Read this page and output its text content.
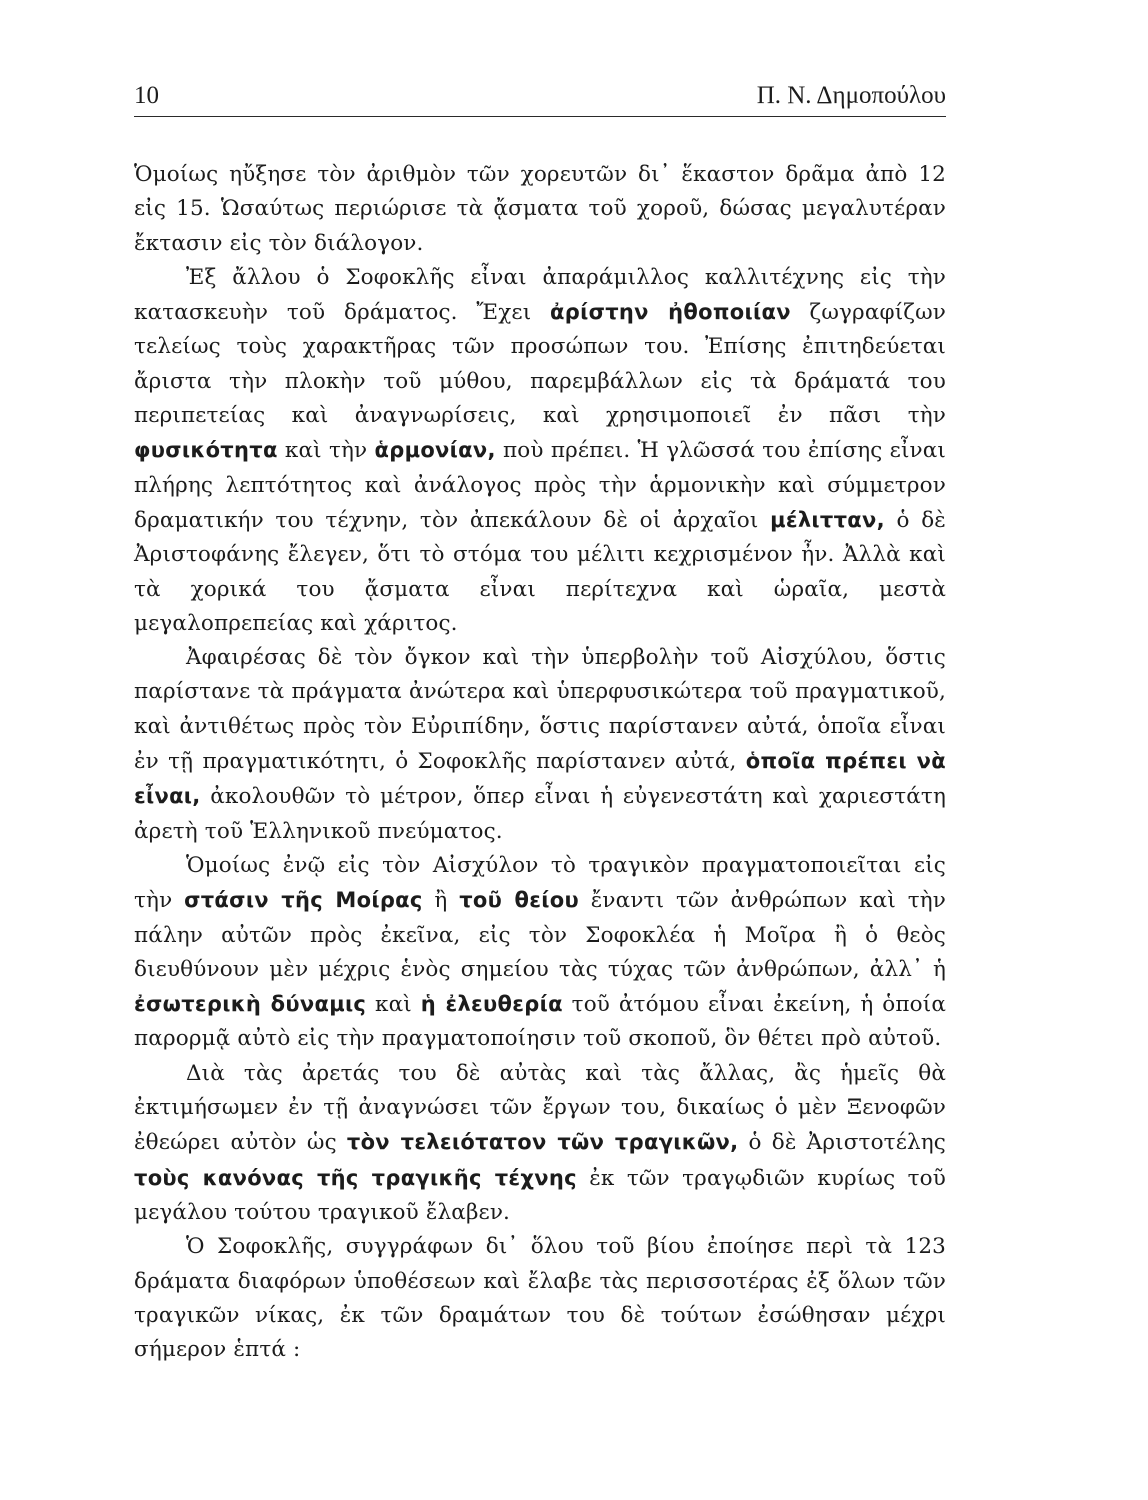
10	Π. Ν. Δημοπούλου

Ὁμοίως ηὔξησε τὸν ἀριθμὸν τῶν χορευτῶν δι᾽ ἕκαστον δρᾶμα ἀπὸ 12 εἰς 15. Ὡσαύτως περιώρισε τὰ ᾄσματα τοῦ χοροῦ, δώσας μεγαλυτέραν ἔκτασιν εἰς τὸν διάλογον.

Ἐξ ἄλλου ὁ Σοφοκλῆς εἶναι ἀπαράμιλλος καλλιτέχνης εἰς τὴν κατασκευὴν τοῦ δράματος. Ἔχει ἀρίστην ἠθοποιίαν ζωγραφίζων τελείως τοὺς χαρακτῆρας τῶν προσώπων του. Ἐπίσης ἐπιτηδεύεται ἄριστα τὴν πλοκὴν τοῦ μύθου, παρεμβάλλων εἰς τὰ δράματά του περιπετείας καὶ ἀναγνωρίσεις, καὶ χρησιμοποιεῖ ἐν πᾶσι τὴν φυσικότητα καὶ τὴν ἁρμονίαν, ποὺ πρέπει. Ἡ γλῶσσά του ἐπίσης εἶναι πλήρης λεπτότητος καὶ ἀνάλογος πρὸς τὴν ἁρμονικὴν καὶ σύμμετρον δραματικήν του τέχνην, τὸν ἀπεκάλουν δὲ οἱ ἀρχαῖοι μέλιτταν, ὁ δὲ Ἀριστοφάνης ἔλεγεν, ὅτι τὸ στόμα του μέλιτι κεχρισμένον ἦν. Ἀλλὰ καὶ τὰ χορικά του ᾄσματα εἶναι περίτεχνα καὶ ὡραῖα, μεστὰ μεγαλοπρεπείας καὶ χάριτος.

Ἀφαιρέσας δὲ τὸν ὄγκον καὶ τὴν ὑπερβολὴν τοῦ Αἰσχύλου, ὅστις παρίστανε τὰ πράγματα ἀνώτερα καὶ ὑπερφυσικώτερα τοῦ πραγματικοῦ, καὶ ἀντιθέτως πρὸς τὸν Εὐριπίδην, ὅστις παρίστανεν αὐτά, ὁποῖα εἶναι ἐν τῇ πραγματικότητι, ὁ Σοφοκλῆς παρίστανεν αὐτά, ὁποῖα πρέπει νὰ εἶναι, ἀκολουθῶν τὸ μέτρον, ὅπερ εἶναι ἡ εὐγενεστάτη καὶ χαριεστάτη ἀρετὴ τοῦ Ἑλληνικοῦ πνεύματος.

Ὁμοίως ἐνῷ εἰς τὸν Αἰσχύλον τὸ τραγικὸν πραγματοποιεῖται εἰς τὴν στάσιν τῆς Μοίρας ἢ τοῦ θείου ἔναντι τῶν ἀνθρώπων καὶ τὴν πάλην αὐτῶν πρὸς ἐκεῖνα, εἰς τὸν Σοφοκλέα ἡ Μοῖρα ἢ ὁ θεὸς διευθύνουν μὲν μέχρις ἑνὸς σημείου τὰς τύχας τῶν ἀνθρώπων, ἀλλ᾽ ἡ ἐσωτερικὴ δύναμις καὶ ἡ ἐλευθερία τοῦ ἀτόμου εἶναι ἐκείνη, ἡ ὁποία παρορμᾷ αὐτὸ εἰς τὴν πραγματοποίησιν τοῦ σκοποῦ, ὃν θέτει πρὸ αὐτοῦ.

Διὰ τὰς ἀρετάς του δὲ αὐτὰς καὶ τὰς ἄλλας, ἂς ἡμεῖς θὰ ἐκτιμήσωμεν ἐν τῇ ἀναγνώσει τῶν ἔργων του, δικαίως ὁ μὲν Ξενοφῶν ἐθεώρει αὐτὸν ὡς τὸν τελειότατον τῶν τραγικῶν, ὁ δὲ Ἀριστοτέλης τοὺς κανόνας τῆς τραγικῆς τέχνης ἐκ τῶν τραγῳδιῶν κυρίως τοῦ μεγάλου τούτου τραγικοῦ ἔλαβεν.

Ὁ Σοφοκλῆς, συγγράφων δι᾽ ὅλου τοῦ βίου ἐποίησε περὶ τὰ 123 δράματα διαφόρων ὑποθέσεων καὶ ἔλαβε τὰς περισσοτέρας ἐξ ὅλων τῶν τραγικῶν νίκας, ἐκ τῶν δραμάτων του δὲ τούτων ἐσώθησαν μέχρι σήμερον ἑπτά :
